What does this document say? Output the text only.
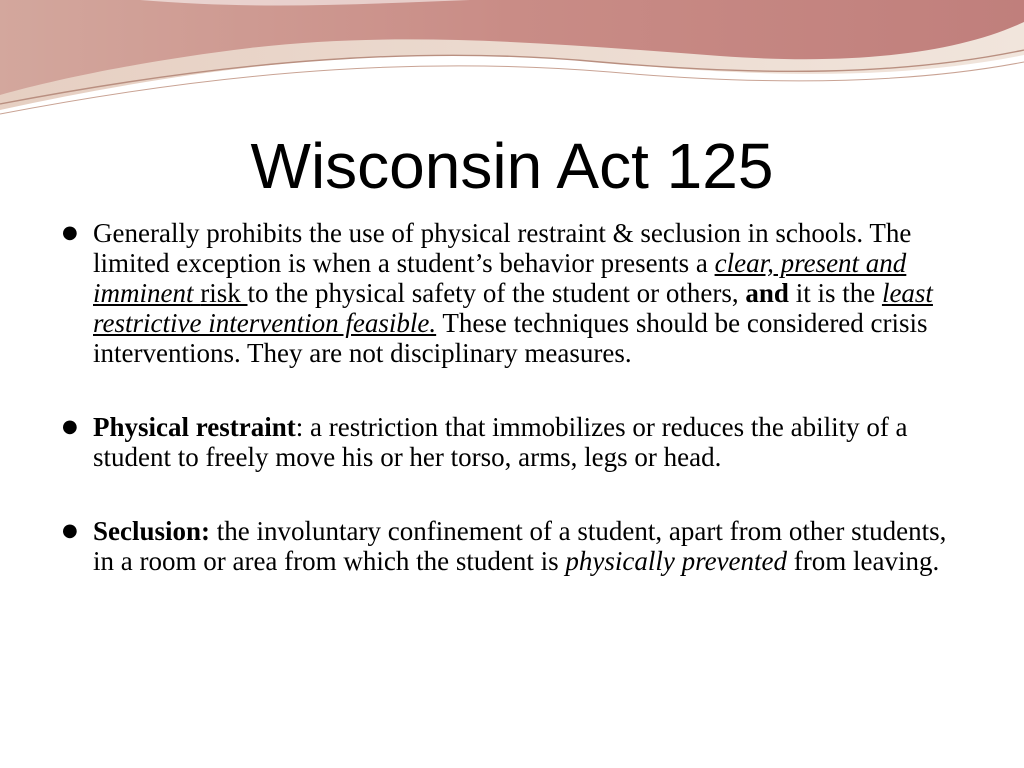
Wisconsin Act 125
● Generally prohibits the use of physical restraint & seclusion in schools. The limited exception is when a student’s behavior presents a clear, present and imminent risk to the physical safety of the student or others, and it is the least restrictive intervention feasible. These techniques should be considered crisis interventions. They are not disciplinary measures.
● Physical restraint: a restriction that immobilizes or reduces the ability of a student to freely move his or her torso, arms, legs or head.
● Seclusion: the involuntary confinement of a student, apart from other students, in a room or area from which the student is physically prevented from leaving.
